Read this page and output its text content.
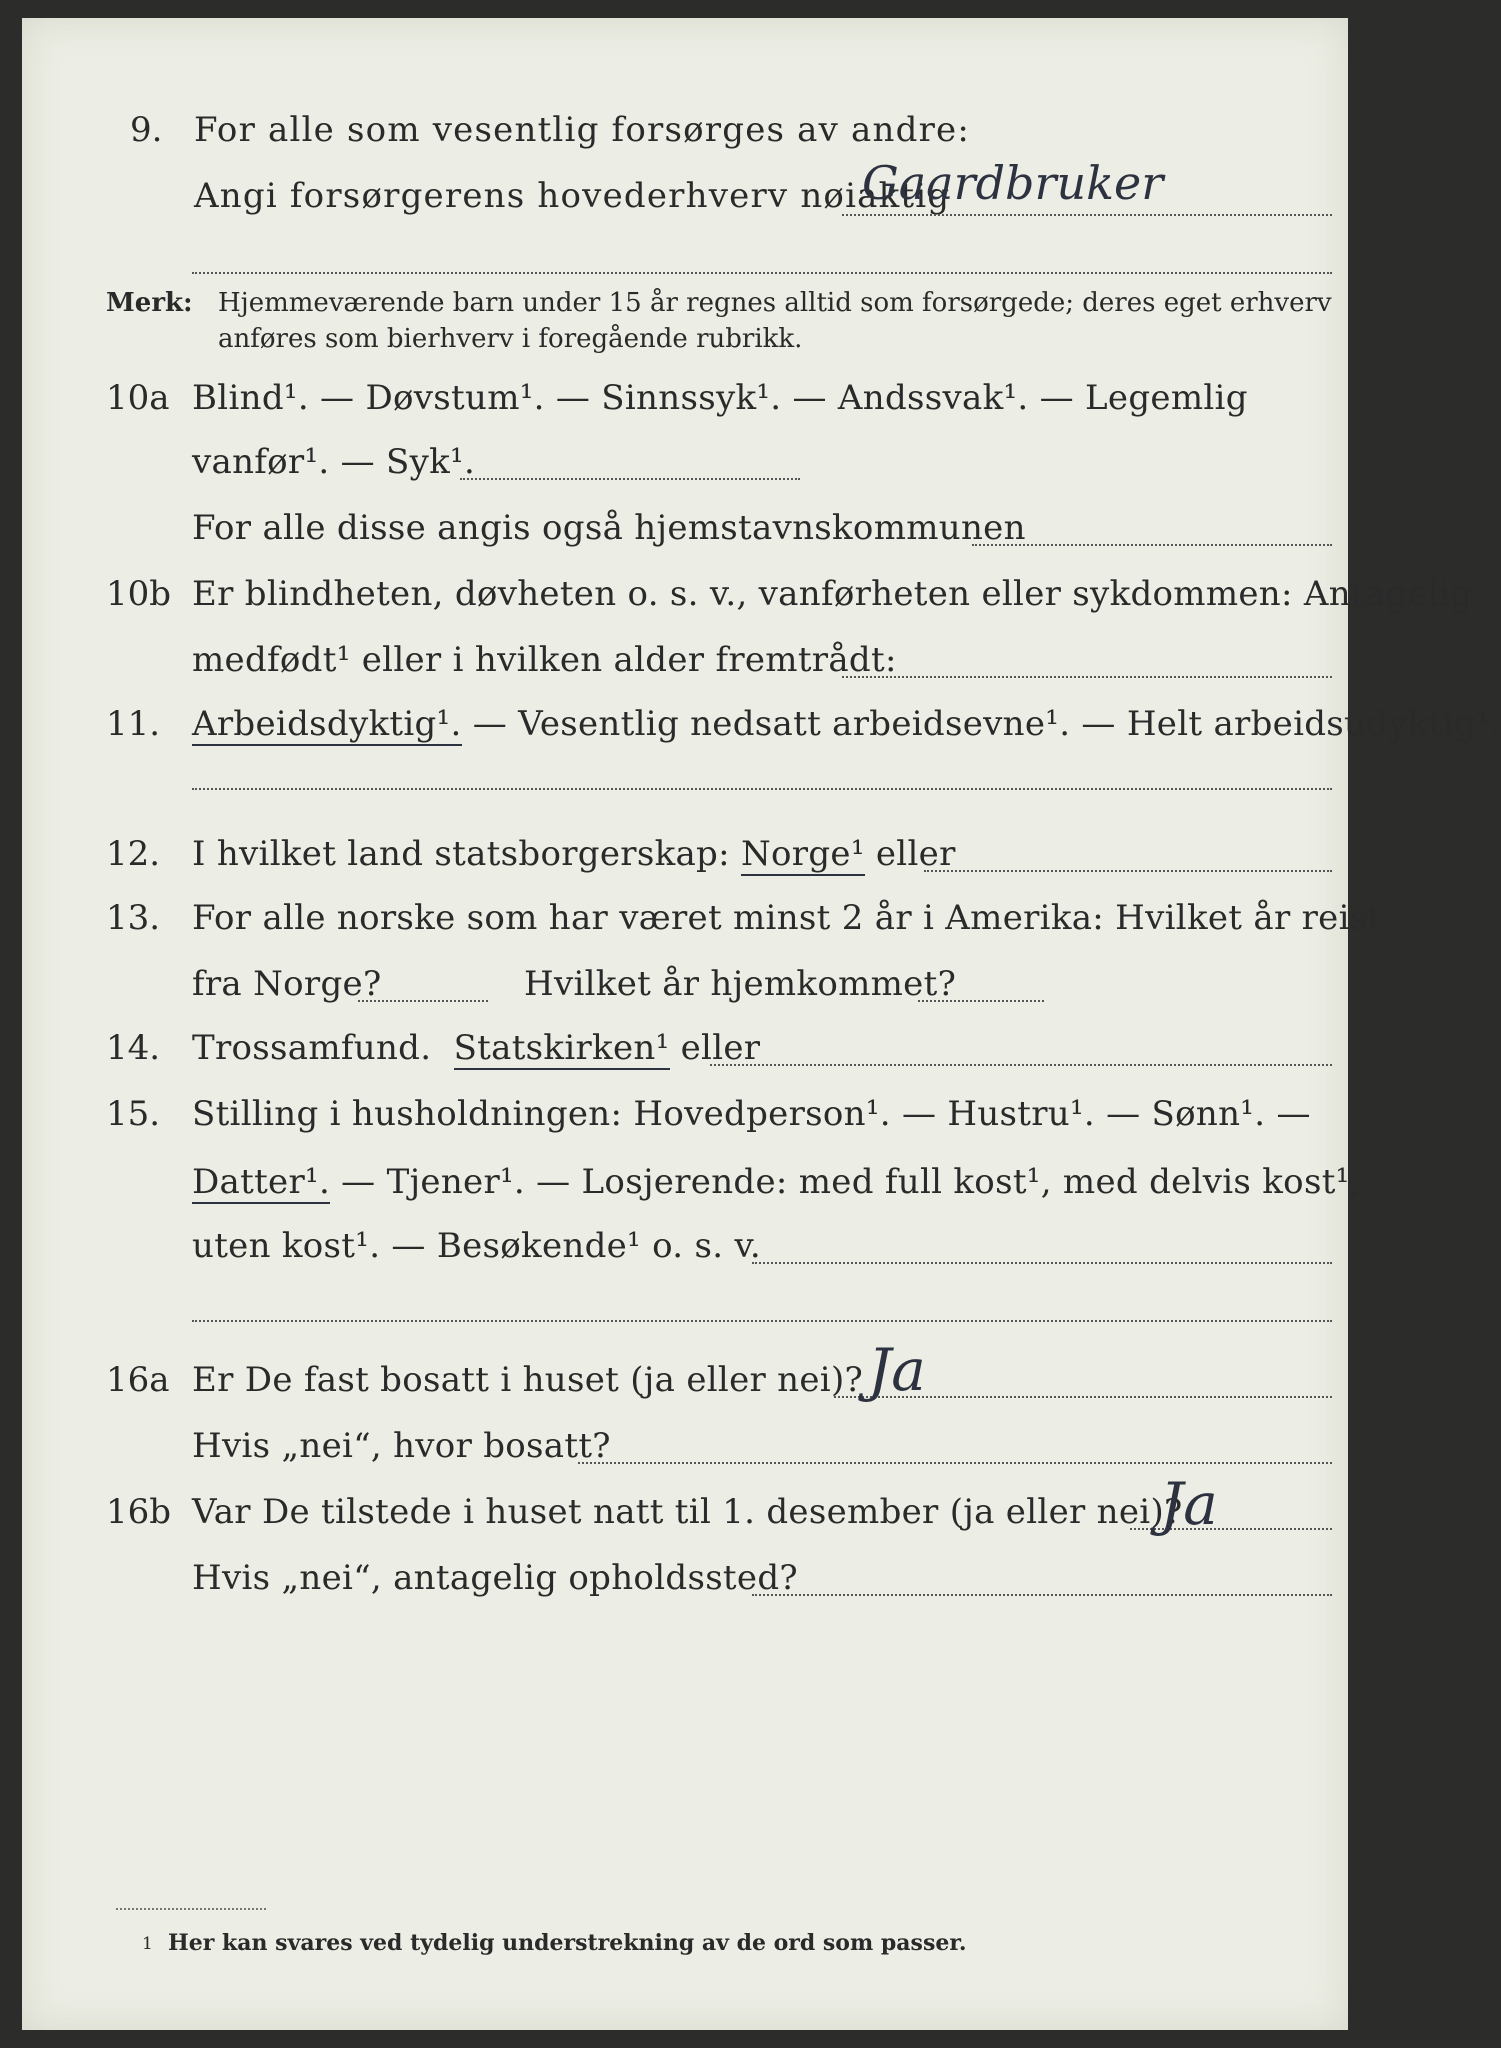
9. For alle som vesentlig forsørges av andre:
Angi forsørgerens hovederhverv nøiaktig
Gaardbruker
Merk: Hjemmeværende barn under 15 år regnes alltid som forsørgede; deres eget erhverv
anføres som bierhverv i foregående rubrikk.
10a Blind¹. — Døvstum¹. — Sinnssyk¹. — Andssvak¹. — Legemlig
vanfør¹. — Syk¹.
For alle disse angis også hjemstavnskommunen
10b Er blindheten, døvheten o. s. v., vanførheten eller sykdommen: Antagelig
medfødt¹ eller i hvilken alder fremtrådt:
11. Arbeidsdyktig¹. — Vesentlig nedsatt arbeidsevne¹. — Helt arbeidsudyktig¹.
12. I hvilket land statsborgerskap: Norge¹ eller
13. For alle norske som har været minst 2 år i Amerika: Hvilket år reist
fra Norge?	Hvilket år hjemkommet?
14. Trossamfund. Statskirken¹ eller
15. Stilling i husholdningen: Hovedperson¹. — Hustru¹. — Sønn¹. —
Datter¹. — Tjener¹. — Losjerende: med full kost¹, med delvis kost¹,
uten kost¹. — Besøkende¹ o. s. v.
16a Er De fast bosatt i huset (ja eller nei)? Ja
Hvis „nei“, hvor bosatt?
16b Var De tilstede i huset natt til 1. desember (ja eller nei)?
Ja
Hvis „nei“, antagelig opholdssted?
1 Her kan svares ved tydelig understrekning av de ord som passer.
